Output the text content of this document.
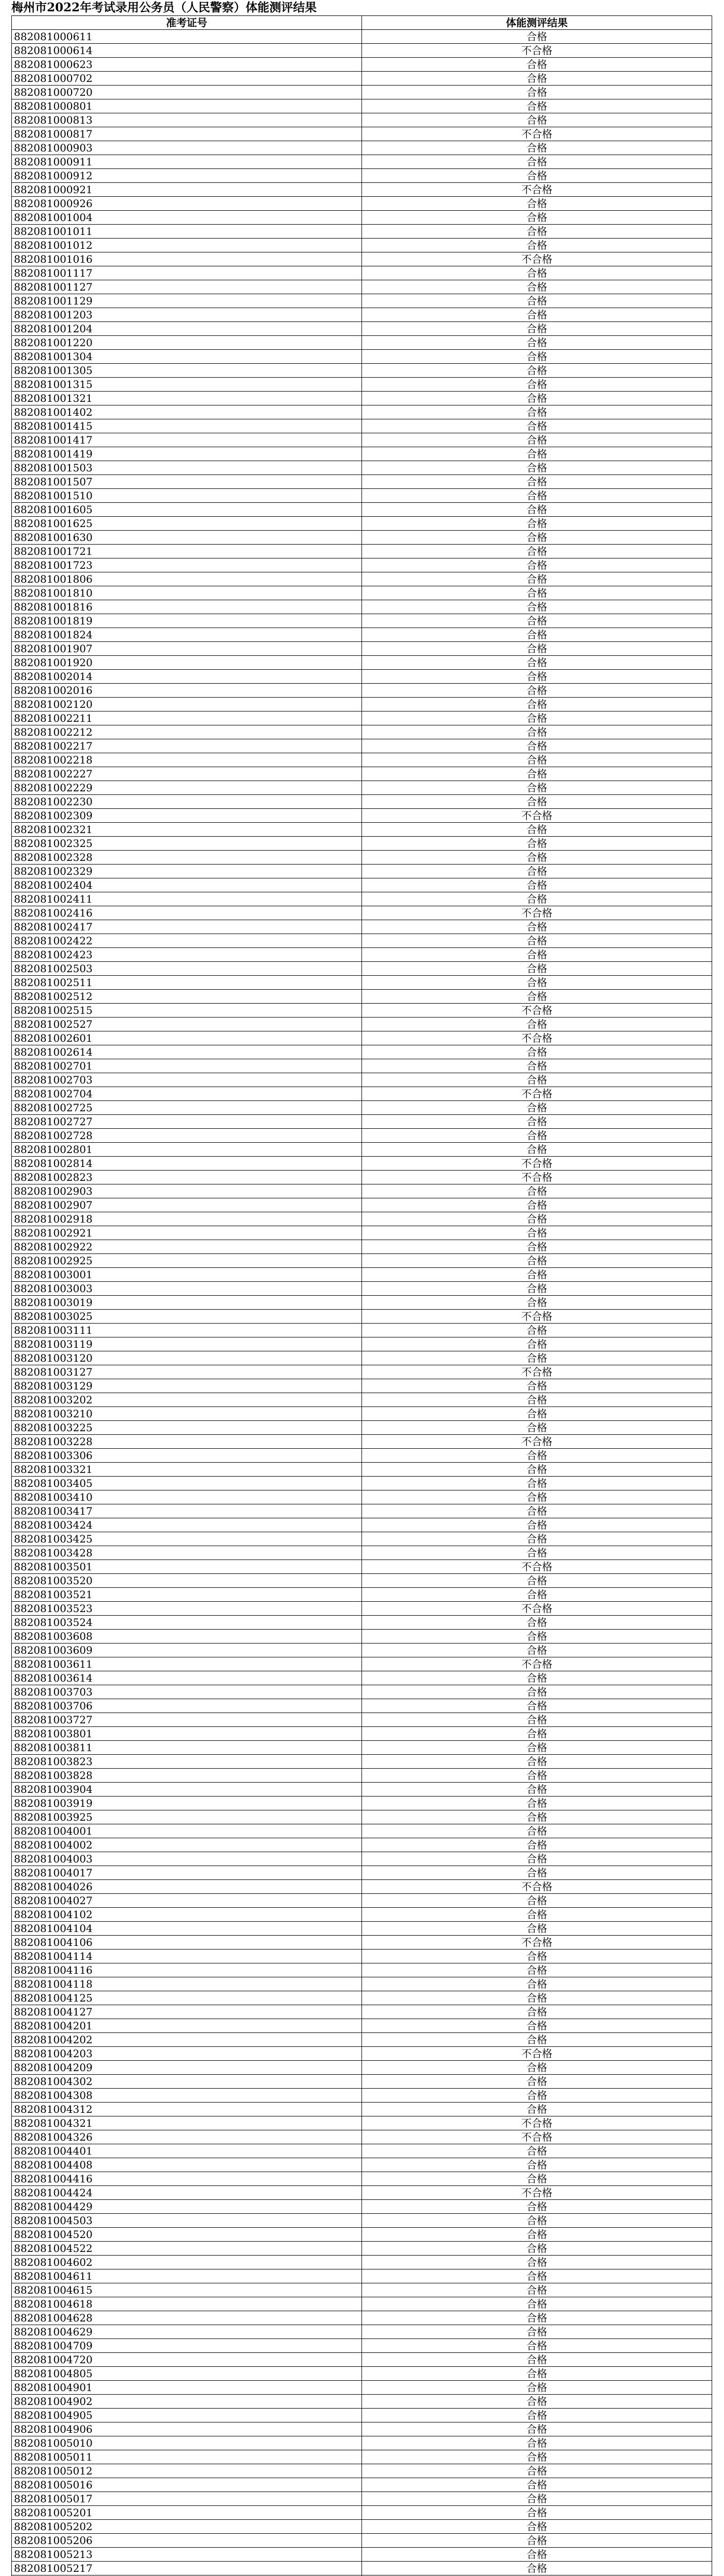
梅州市2022年考试录用公务员（人民警察）体能测评结果
准考证号	体能测评结果
882081000611	合格
882081000614	不合格
882081000623	合格
882081000702	合格
882081000720	合格
882081000801	合格
882081000813	合格
882081000817	不合格
882081000903	合格
882081000911	合格
882081000912	合格
882081000921	不合格
882081000926	合格
882081001004	合格
882081001011	合格
882081001012	合格
882081001016	不合格
882081001117	合格
882081001127	合格
882081001129	合格
882081001203	合格
882081001204	合格
882081001220	合格
882081001304	合格
882081001305	合格
882081001315	合格
882081001321	合格
882081001402	合格
882081001415	合格
882081001417	合格
882081001419	合格
882081001503	合格
882081001507	合格
882081001510	合格
882081001605	合格
882081001625	合格
882081001630	合格
882081001721	合格
882081001723	合格
882081001806	合格
882081001810	合格
882081001816	合格
882081001819	合格
882081001824	合格
882081001907	合格
882081001920	合格
882081002014	合格
882081002016	合格
882081002120	合格
882081002211	合格
882081002212	合格
882081002217	合格
882081002218	合格
882081002227	合格
882081002229	合格
882081002230	合格
882081002309	不合格
882081002321	合格
882081002325	合格
882081002328	合格
882081002329	合格
882081002404	合格
882081002411	合格
882081002416	不合格
882081002417	合格
882081002422	合格
882081002423	合格
882081002503	合格
882081002511	合格
882081002512	合格
882081002515	不合格
882081002527	合格
882081002601	不合格
882081002614	合格
882081002701	合格
882081002703	合格
882081002704	不合格
882081002725	合格
882081002727	合格
882081002728	合格
882081002801	合格
882081002814	不合格
882081002823	不合格
882081002903	合格
882081002907	合格
882081002918	合格
882081002921	合格
882081002922	合格
882081002925	合格
882081003001	合格
882081003003	合格
882081003019	合格
882081003025	不合格
882081003111	合格
882081003119	合格
882081003120	合格
882081003127	不合格
882081003129	合格
882081003202	合格
882081003210	合格
882081003225	合格
882081003228	不合格
882081003306	合格
882081003321	合格
882081003405	合格
882081003410	合格
882081003417	合格
882081003424	合格
882081003425	合格
882081003428	合格
882081003501	不合格
882081003520	合格
882081003521	合格
882081003523	不合格
882081003524	合格
882081003608	合格
882081003609	合格
882081003611	不合格
882081003614	合格
882081003703	合格
882081003706	合格
882081003727	合格
882081003801	合格
882081003811	合格
882081003823	合格
882081003828	合格
882081003904	合格
882081003919	合格
882081003925	合格
882081004001	合格
882081004002	合格
882081004003	合格
882081004017	合格
882081004026	不合格
882081004027	合格
882081004102	合格
882081004104	合格
882081004106	不合格
882081004114	合格
882081004116	合格
882081004118	合格
882081004125	合格
882081004127	合格
882081004201	合格
882081004202	合格
882081004203	不合格
882081004209	合格
882081004302	合格
882081004308	合格
882081004312	合格
882081004321	不合格
882081004326	不合格
882081004401	合格
882081004408	合格
882081004416	合格
882081004424	不合格
882081004429	合格
882081004503	合格
882081004520	合格
882081004522	合格
882081004602	合格
882081004611	合格
882081004615	合格
882081004618	合格
882081004628	合格
882081004629	合格
882081004709	合格
882081004720	合格
882081004805	合格
882081004901	合格
882081004902	合格
882081004905	合格
882081004906	合格
882081005010	合格
882081005011	合格
882081005012	合格
882081005016	合格
882081005017	合格
882081005201	合格
882081005202	合格
882081005206	合格
882081005213	合格
882081005217	合格
